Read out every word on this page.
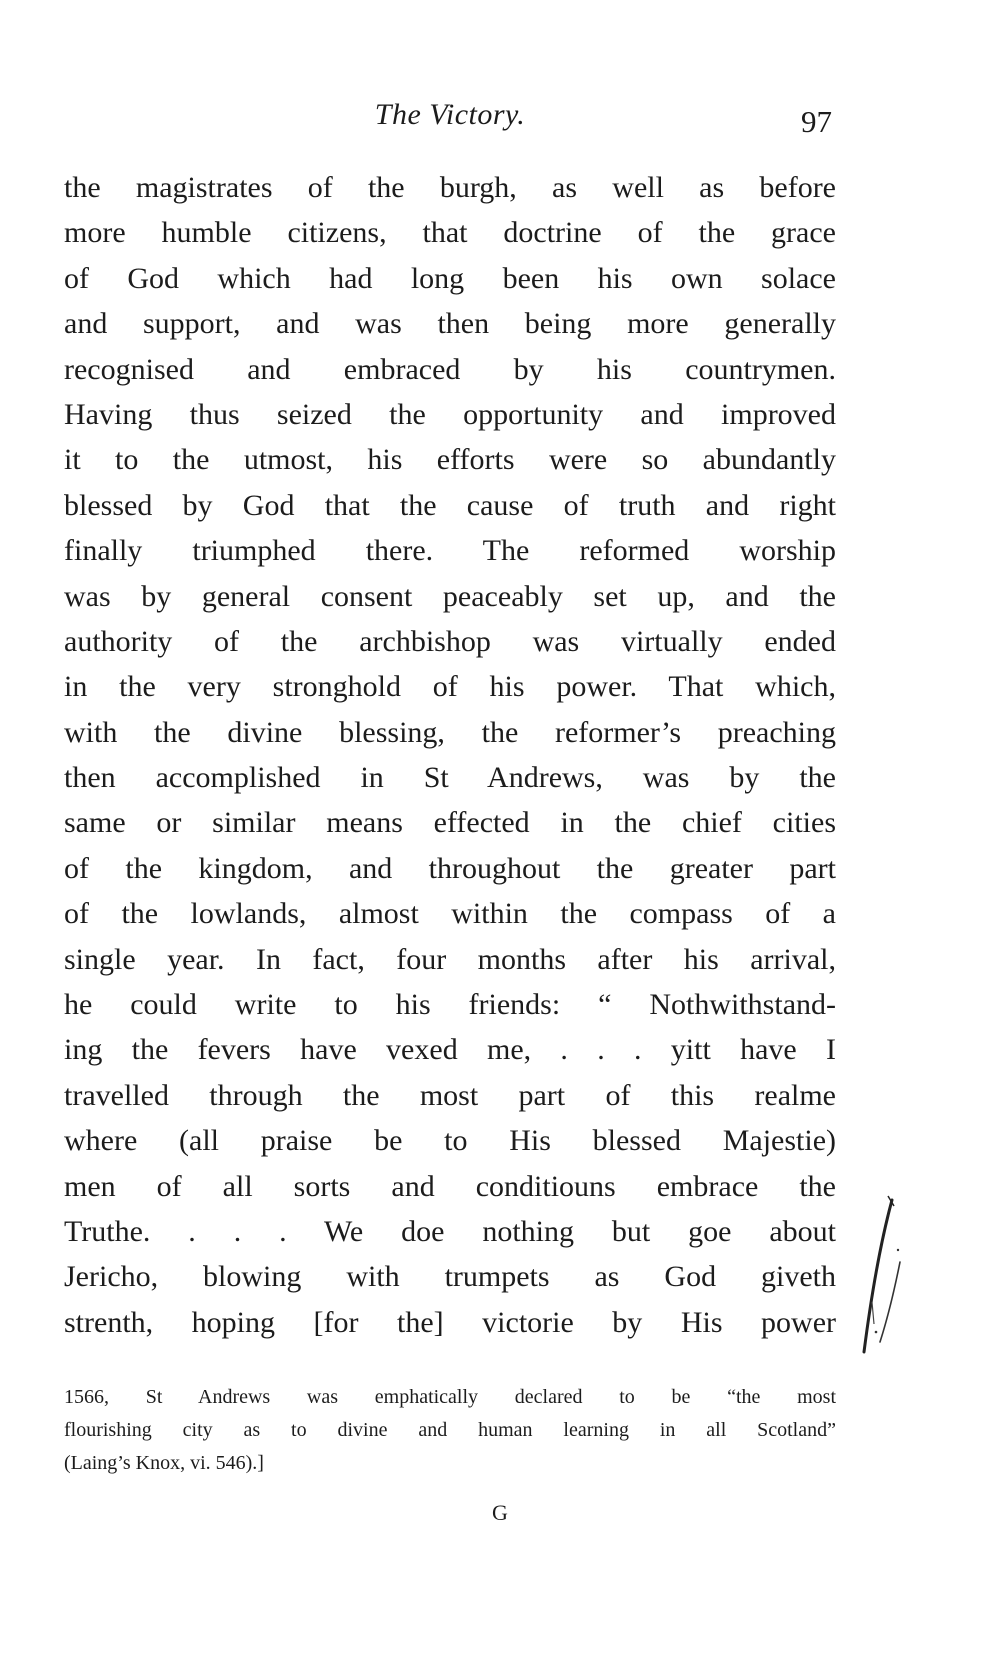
The Victory.	97
the magistrates of the burgh, as well as before
more humble citizens, that doctrine of the grace
of God which had long been his own solace
and support, and was then being more generally
recognised and embraced by his countrymen.
Having thus seized the opportunity and improved
it to the utmost, his efforts were so abundantly
blessed by God that the cause of truth and right
finally triumphed there. The reformed worship
was by general consent peaceably set up, and the
authority of the archbishop was virtually ended
in the very stronghold of his power. That which,
with the divine blessing, the reformer’s preaching
then accomplished in St Andrews, was by the
same or similar means effected in the chief cities
of the kingdom, and throughout the greater part
of the lowlands, almost within the compass of a
single year. In fact, four months after his arrival,
he could write to his friends: “ Nothwithstand-
ing the fevers have vexed me, . . . yitt have I
travelled through the most part of this realme
where (all praise be to His blessed Majestie)
men of all sorts and conditiouns embrace the
Truthe. . . . We doe nothing but goe about
Jericho, blowing with trumpets as God giveth
strenth, hoping [for the] victorie by His power
1566, St Andrews was emphatically declared to be “the most
flourishing city as to divine and human learning in all Scotland”
(Laing’s Knox, vi. 546).]
G
